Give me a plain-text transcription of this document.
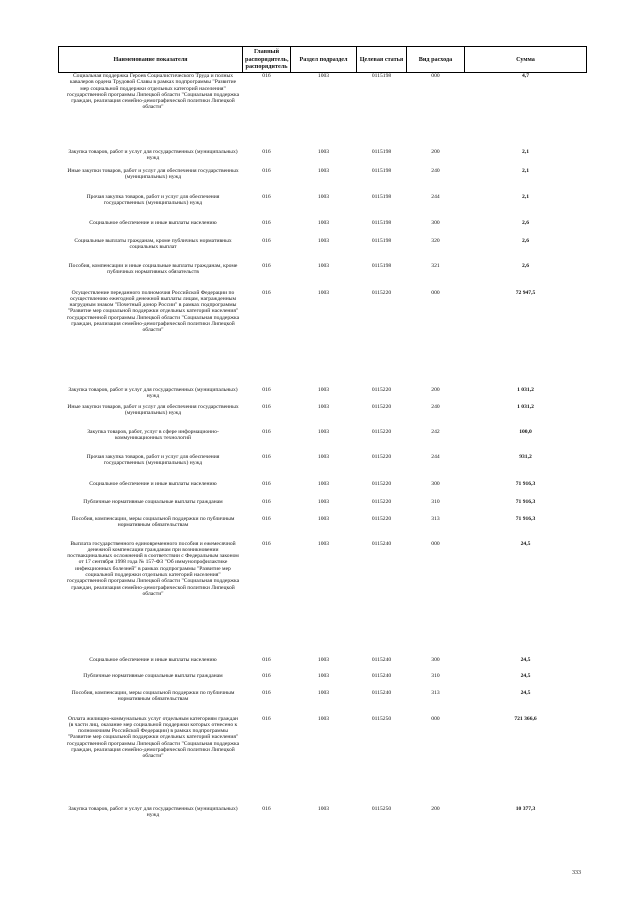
Наименование показателя	Главный распорядитель, распорядитель	Раздел подраздел	Целевая статья	Вид расхода	Сумма
Социальная поддержка Героев Социалистического Труда и полных кавалеров ордена Трудовой Славы в рамках подпрограммы "Развитие мер социальной поддержки отдельных категорий населения" государственной программы Липецкой области "Социальная поддержка граждан, реализация семейно-демографической политики Липецкой области"	016	1003	0115198	000	4,7
Закупка товаров, работ и услуг для государственных (муниципальных) нужд	016	1003	0115198	200	2,1
Иные закупки товаров, работ и услуг для обеспечения государственных (муниципальных) нужд	016	1003	0115198	240	2,1
Прочая закупка товаров, работ и услуг для обеспечения государственных (муниципальных) нужд	016	1003	0115198	244	2,1
Социальное обеспечение и иные выплаты населению	016	1003	0115198	300	2,6
Социальные выплаты гражданам, кроме публичных нормативных социальных выплат	016	1003	0115198	320	2,6
Пособия, компенсации и иные социальные выплаты гражданам, кроме публичных нормативных обязательств	016	1003	0115198	321	2,6
Осуществление переданного полномочия Российской Федерации по осуществлению ежегодной денежной выплаты лицам, награжденным нагрудным знаком "Почетный донор России" в рамках подпрограммы "Развитие мер социальной поддержки отдельных категорий населения" государственной программы Липецкой области "Социальная поддержка граждан, реализация семейно-демографической политики Липецкой области"	016	1003	0115220	000	72 947,5
Закупка товаров, работ и услуг для государственных (муниципальных) нужд	016	1003	0115220	200	1 031,2
Иные закупки товаров, работ и услуг для обеспечения государственных (муниципальных) нужд	016	1003	0115220	240	1 031,2
Закупка товаров, работ, услуг в сфере информационно-коммуникационных технологий	016	1003	0115220	242	100,0
Прочая закупка товаров, работ и услуг для обеспечения государственных (муниципальных) нужд	016	1003	0115220	244	931,2
Социальное обеспечение и иные выплаты населению	016	1003	0115220	300	71 916,3
Публичные нормативные социальные выплаты гражданам	016	1003	0115220	310	71 916,3
Пособия, компенсации, меры социальной поддержки по публичным нормативным обязательствам	016	1003	0115220	313	71 916,3
Выплата государственного единовременного пособия и ежемесячной денежной компенсации гражданам при возникновении поствакцинальных осложнений в соответствии с Федеральным законом от 17 сентября 1998 года № 157-ФЗ "Об иммунопрофилактике инфекционных болезней" в рамках подпрограммы "Развитие мер социальной поддержки отдельных категорий населения" государственной программы Липецкой области "Социальная поддержка граждан, реализация семейно-демографической политики Липецкой области"	016	1003	0115240	000	24,5
Социальное обеспечение и иные выплаты населению	016	1003	0115240	300	24,5
Публичные нормативные социальные выплаты гражданам	016	1003	0115240	310	24,5
Пособия, компенсации, меры социальной поддержки по публичным нормативным обязательствам	016	1003	0115240	313	24,5
Оплата жилищно-коммунальных услуг отдельным категориям граждан (в части лиц, оказание мер социальной поддержки которых отнесено к полномочиям Российской Федерации) в рамках подпрограммы "Развитие мер социальной поддержки отдельных категорий населения" государственной программы Липецкой области "Социальная поддержка граждан, реализация семейно-демографической политики Липецкой области"	016	1003	0115250	000	721 366,6
Закупка товаров, работ и услуг для государственных (муниципальных) нужд	016	1003	0115250	200	10 377,3
333
